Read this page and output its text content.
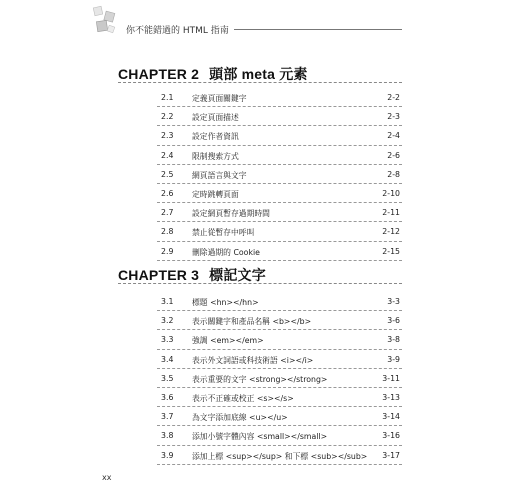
你不能錯過的 HTML 指南
CHAPTER 2 頭部 meta 元素
2.1 定義頁面關鍵字	2-2
2.2 設定頁面描述	2-3
2.3 設定作者資訊	2-4
2.4 限制搜索方式	2-6
2.5 網頁語言與文字	2-8
2.6 定時跳轉頁面	2-10
2.7 設定網頁暫存過期時間	2-11
2.8 禁止從暫存中呼叫	2-12
2.9 刪除過期的 Cookie	2-15
CHAPTER 3 標記文字
3.1 標題 <hn></hn>	3-3
3.2 表示關鍵字和產品名稱 <b></b>	3-6
3.3 強調 <em></em>	3-8
3.4 表示外文詞語或科技術語 <i></i>	3-9
3.5 表示重要的文字 <strong></strong>	3-11
3.6 表示不正確或校正 <s></s>	3-13
3.7 為文字添加底線 <u></u>	3-14
3.8 添加小號字體內容 <small></small>	3-16
3.9 添加上標 <sup></sup> 和下標 <sub></sub> 3-17
xx
